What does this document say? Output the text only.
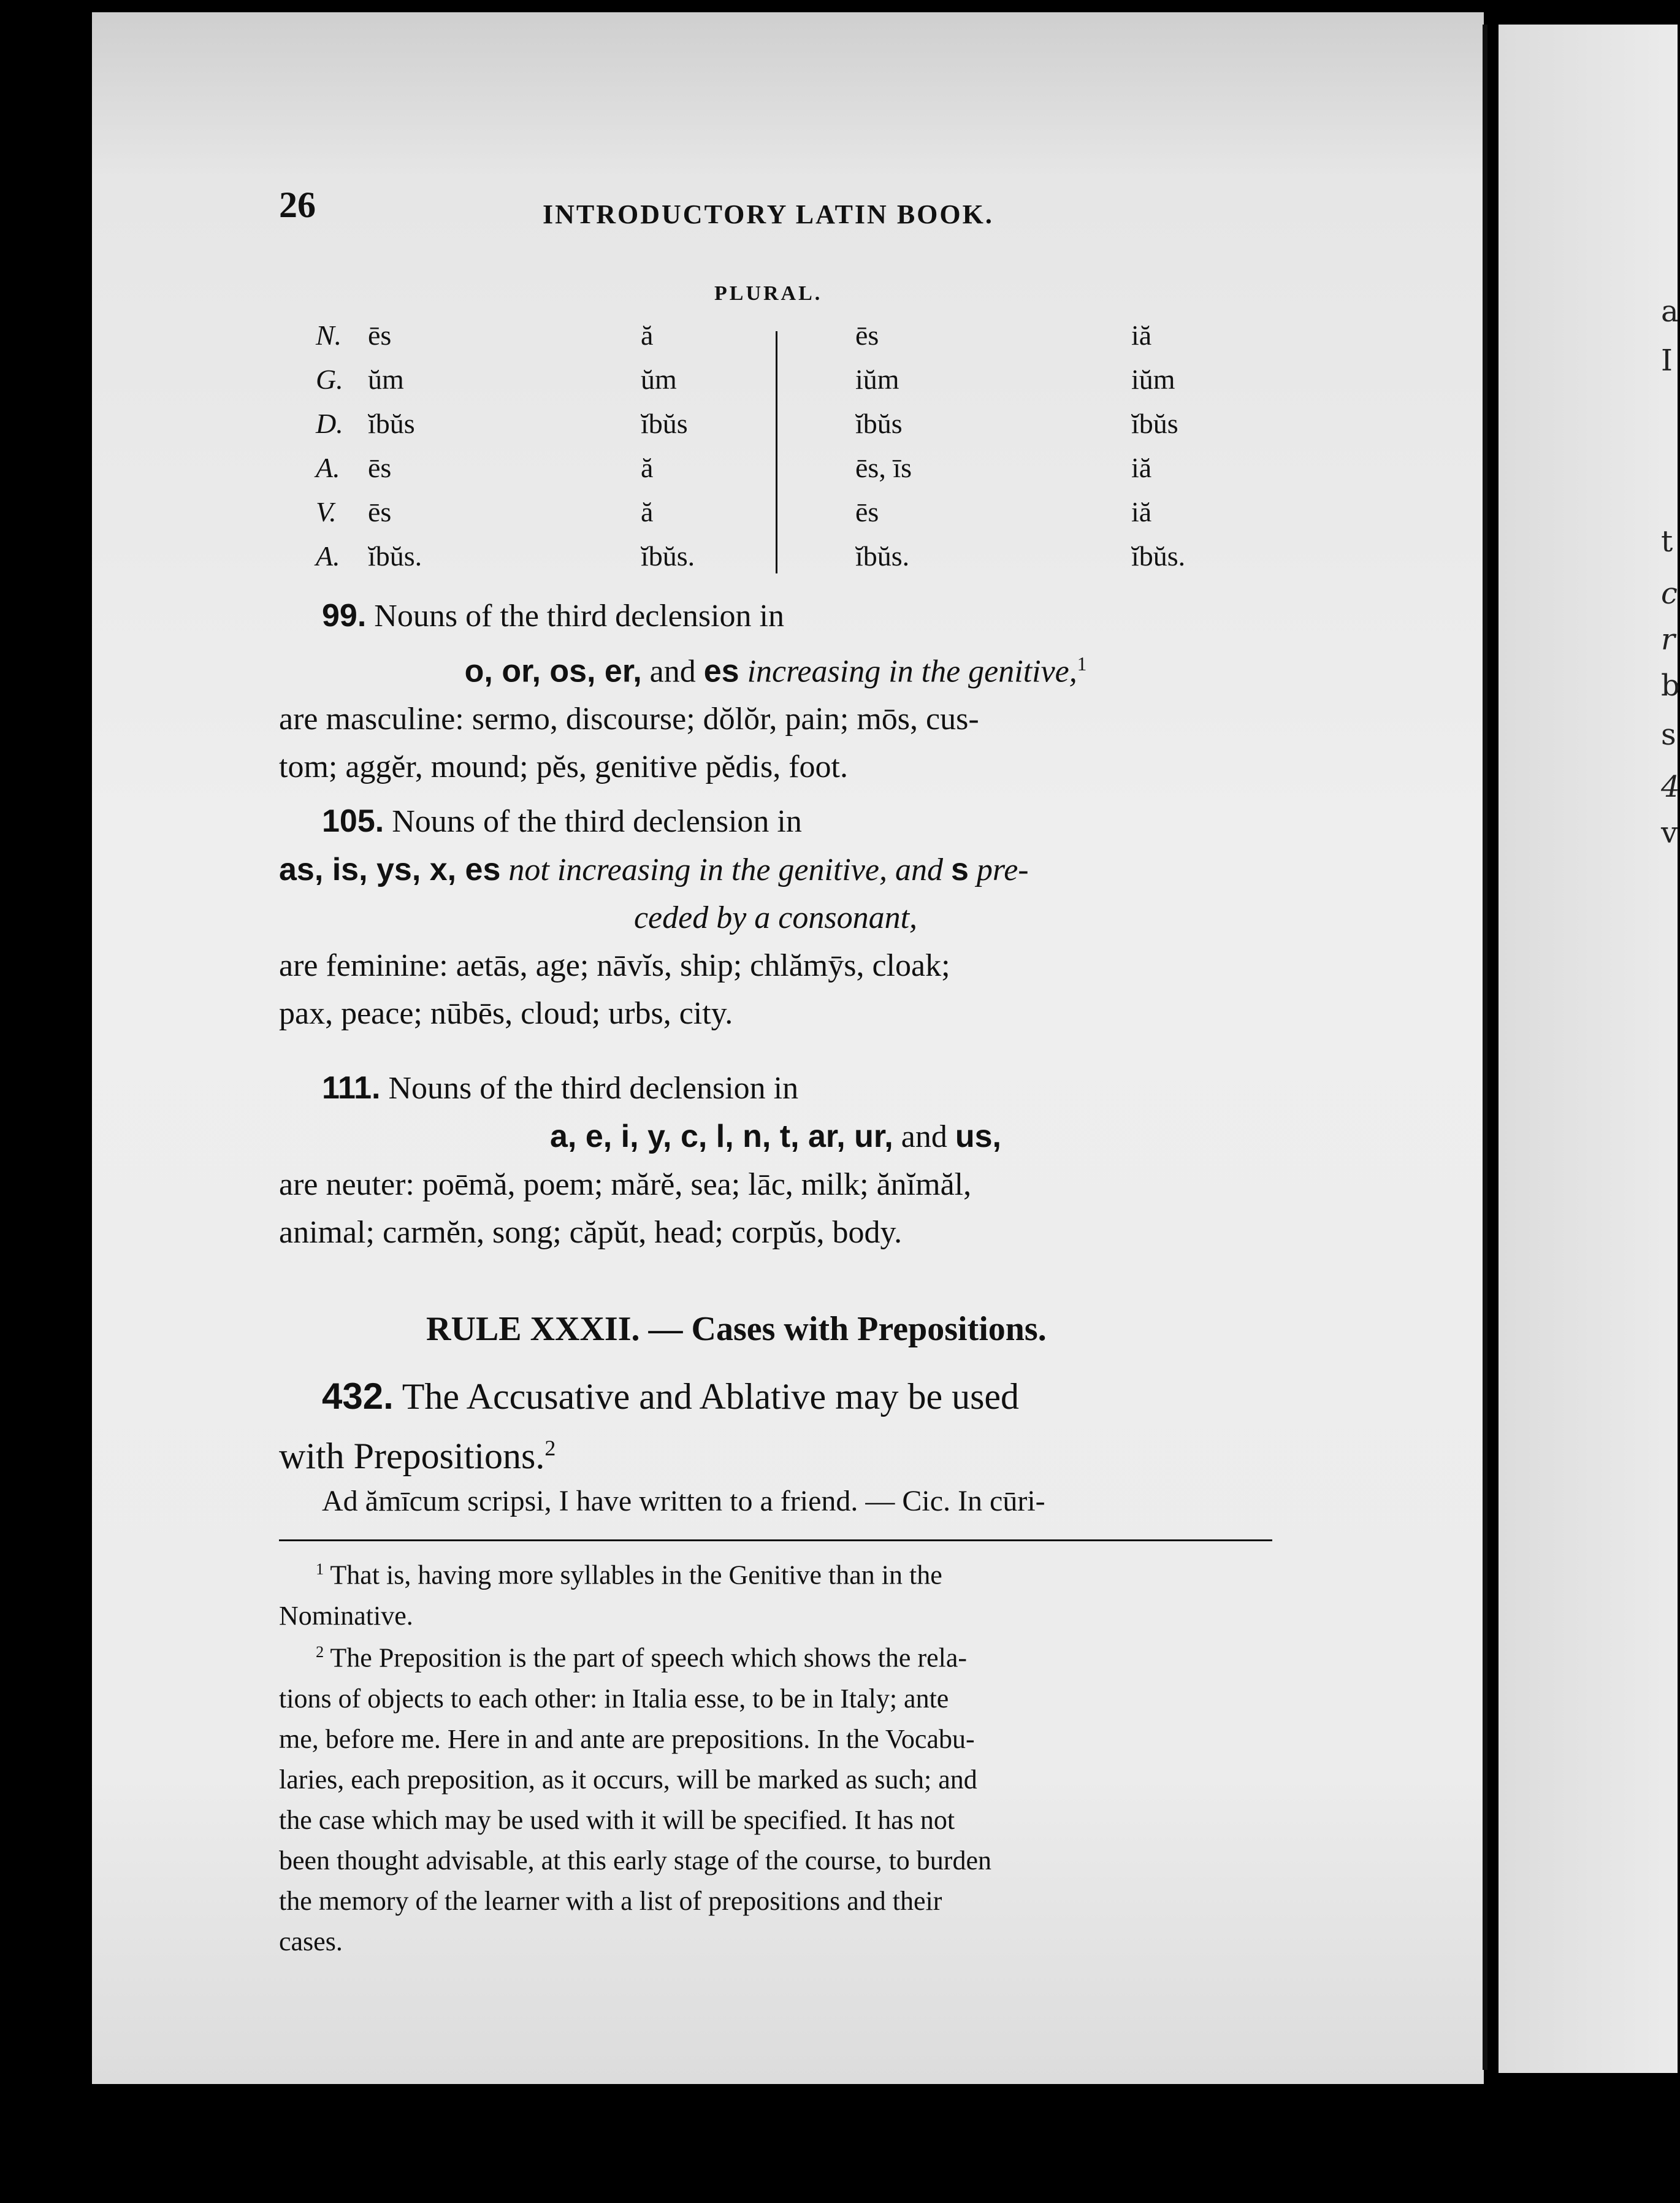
a
I
t
c
r
b
s
4
v
26	INTRODUCTORY LATIN BOOK.
PLURAL.
N. ēs	ă	ēs	iă
G. ŭm	ŭm	iŭm	iŭm
D. ĭbŭs	ĭbŭs	ĭbŭs	ĭbŭs
A. ēs	ă	ēs, īs	iă
V.	ēs	ă	ēs	iă
A. ĭbŭs.	ĭbŭs.	ĭbŭs.	ĭbŭs.
99. Nouns of the third declension in
o, or, os, er, and es increasing in the genitive,$^1$
are masculine: sermo, discourse; dŏlŏr, pain; mōs, cus-
tom; aggĕr, mound; pĕs, genitive pĕdis, foot.
105. Nouns of the third declension in
as, is, ys, x, es not increasing in the genitive, and s pre-
ceded by a consonant,
are feminine: aetās, age; nāvĭs, ship; chlămȳs, cloak;
pax, peace; nūbēs, cloud; urbs, city.
111. Nouns of the third declension in
a, e, i, y, c, l, n, t, ar, ur, and us,
are neuter: poēmă, poem; mărĕ, sea; lāc, milk; ănĭmăl,
animal; carmĕn, song; căpŭt, head; corpŭs, body.
RULE XXXII. — Cases with Prepositions.
432. The Accusative and Ablative may be used
with Prepositions.$^2$
Ad ămīcum scripsi, I have written to a friend. — Cic. In cūri-
$^1$ That is, having more syllables in the Genitive than in the
Nominative.
$^2$ The Preposition is the part of speech which shows the rela-
tions of objects to each other: in Italia esse, to be in Italy; ante
me, before me. Here in and ante are prepositions. In the Vocabu-
laries, each preposition, as it occurs, will be marked as such; and
the case which may be used with it will be specified. It has not
been thought advisable, at this early stage of the course, to burden
the memory of the learner with a list of prepositions and their
cases.
